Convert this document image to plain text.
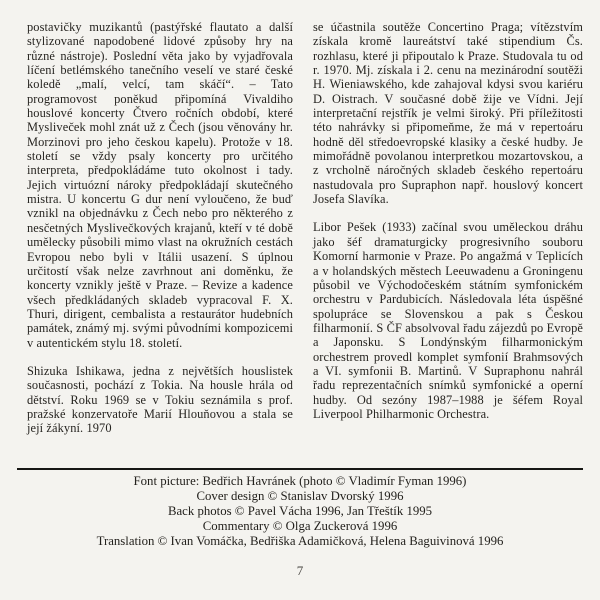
postavičky muzikantů (pastýřské flautato a další stylizované napodobené lidové způsoby hry na různé nástroje). Poslední věta jako by vyjadřovala líčení betlémského tanečního veselí ve staré české koledě „malí, velcí, tam skáčí“. – Tato programovost poněkud připomíná Vivaldiho houslové koncerty Čtvero ročních období, které Mysliveček mohl znát už z Čech (jsou věnovány hr. Morzinovi pro jeho českou kapelu). Protože v 18. století se vždy psaly koncerty pro určitého interpreta, předpokládáme tuto okolnost i tady. Jejich virtuózní nároky předpokládají skutečného mistra. U koncertu G dur není vyloučeno, že buď vznikl na objednávku z Čech nebo pro některého z nesčetných Myslivečkových krajanů, kteří v té době umělecky působili mimo vlast na okružních cestách Evropou nebo byli v Itálii usazení. S úplnou určitostí však nelze zavrhnout ani doměnku, že koncerty vznikly ještě v Praze. – Revize a kadence všech předkládaných skladeb vypracoval F. X. Thuri, dirigent, cembalista a restaurátor hudebních památek, známý mj. svými původními kompozicemi v autentickém stylu 18. století.

Shizuka Ishikawa, jedna z největších houslistek současnosti, pochází z Tokia. Na housle hrála od dětství. Roku 1969 se v Tokiu seznámila s prof. pražské konzervatoře Marií Hlouňovou a stala se její žákyní. 1970

se účastnila soutěže Concertino Praga; vítězstvím získala kromě laureátství také stipendium Čs. rozhlasu, které ji připoutalo k Praze. Studovala tu od r. 1970. Mj. získala i 2. cenu na mezinárodní soutěži H. Wieniawského, kde zahajoval kdysi svou kariéru D. Oistrach. V současné době žije ve Vídni. Její interpretační rejstřík je velmi široký. Při příležitosti této nahrávky si připomeňme, že má v repertoáru hodně děl středoevropské klasiky a české hudby. Je mimořádně povolanou interpretkou mozartovskou, a z vrcholně náročných skladeb českého repertoáru nastudovala pro Supraphon např. houslový koncert Josefa Slavíka.

Libor Pešek (1933) začínal svou uměleckou dráhu jako šéf dramaturgicky progresivního souboru Komorní harmonie v Praze. Po angažmá v Teplicích a v holandských městech Leeuwadenu a Groningenu působil ve Východočeském státním symfonickém orchestru v Pardubicích. Následovala léta úspěšné spolupráce se Slovenskou a pak s Českou filharmonií. S ČF absolvoval řadu zájezdů po Evropě a Japonsku. S Londýnským filharmonickým orchestrem provedl komplet symfonií Brahmsových a VI. symfonii B. Martinů. V Supraphonu nahrál řadu reprezentačních snímků symfonické a operní hudby. Od sezóny 1987–1988 je šéfem Royal Liverpool Philharmonic Orchestra.

Font picture: Bedřich Havránek (photo © Vladimír Fyman 1996)
Cover design © Stanislav Dvorský 1996
Back photos © Pavel Vácha 1996, Jan Třeštík 1995
Commentary © Olga Zuckerová 1996
Translation © Ivan Vomáčka, Bedřiška Adamičková, Helena Baguivinová 1996
7
